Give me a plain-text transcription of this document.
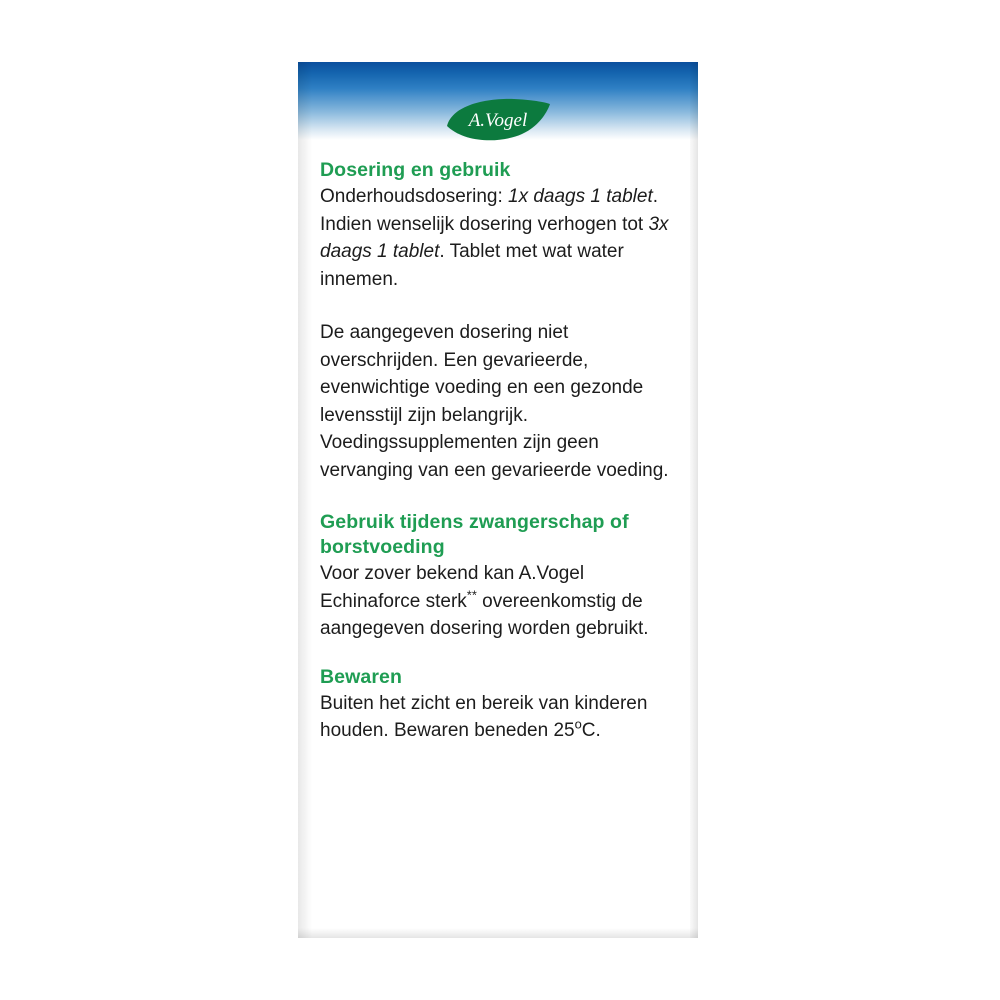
A.Vogel
Dosering en gebruik

Onderhoudsdosering: 1x daags 1 tablet. Indien wenselijk dosering verhogen tot 3x daags 1 tablet. Tablet met wat water innemen.

De aangegeven dosering niet overschrijden. Een gevarieerde, evenwichtige voeding en een gezonde levensstijl zijn belangrijk. Voedingssupplementen zijn geen vervanging van een gevarieerde voeding.

Gebruik tijdens zwangerschap of borstvoeding

Voor zover bekend kan A.Vogel Echinaforce sterk** overeenkomstig de aangegeven dosering worden gebruikt.

Bewaren

Buiten het zicht en bereik van kinderen houden. Bewaren beneden 25$^o$C.
